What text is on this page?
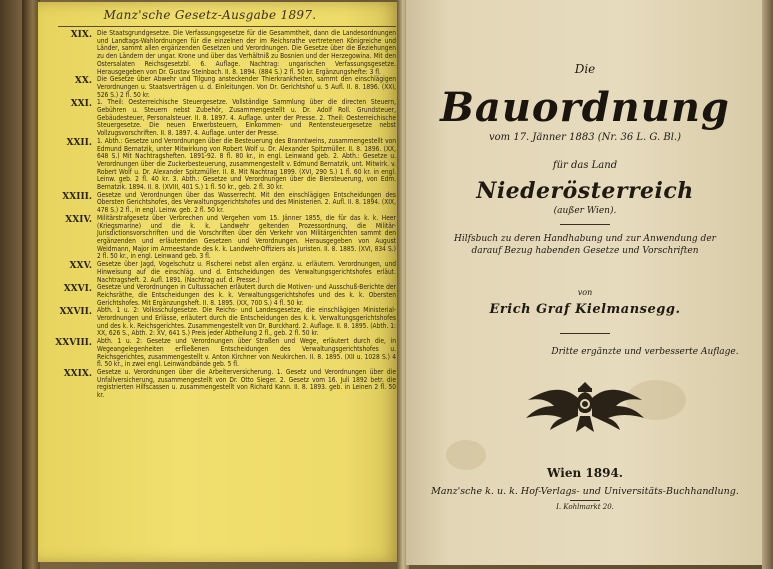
Manz'sche Gesetz-Ausgabe 1897.
XIX. Die Staatsgrundgesetze. Die Verfassungsgesetze für die Gesammtheit, dann die Landesordnungen und Landtags-Wahlordnungen für die einzelnen der im Reichsrathe vertretenen Königreiche und Länder, sammt allen ergänzenden Gesetzen und Verordnungen. Die Gesetze über die Beziehungen zu den Ländern der ungar. Krone und über das Verhältniß zu Bosnien und der Herzegowina. Mit den Ostersalaten Reichsgesetzbl. 6. Auflage. Nachtrag: ungarischen Verfassungsgesetze. Herausgegeben von Dr. Gustav Steinbach. II. 8. 1894. (884 S.) 2 fl. 50 kr. Ergänzungshefte: 3 fl.
XX. Die Gesetze über Abwehr und Tilgung ansteckender Thierkrankheiten, sammt den einschlägigen Verordnungen u. Staatsverträgen u. d. Einleitungen. Von Dr. Gerichtshof u. 5 Aufl. II. 8. 1896. (XXI, 526 S.) 2 fl. 50 kr.
XXI. 1. Theil: Oesterreichische Steuergesetze. Vollständige Sammlung über die directen Steuern, Gebühren u. Steuern nebst Zubehör, Zusammengestellt u. Dr. Adolf Roll. Grundsteuer, Gebäudesteuer, Personalsteuer. II. 8. 1897. 4. Auflage. unter der Presse. 2. Theil: Oesterreichische Steuergesetze. Die neuen Erwerbsteuern, Einkommen- und Rentensteuergesetze nebst Vollzugsvorschriften. II. 8. 1897. 4. Auflage. unter der Presse.
XXII. 1. Abth.: Gesetze und Verordnungen über die Besteuerung des Branntweins, zusammengestellt von Edmund Bernatzik, unter Mitwirkung von Robert Wolf u. Dr. Alexander Spitzmüller. II. 8. 1896. (XX, 648 S.) Mit Nachtragsheften. 1891-92. 8 fl. 80 kr., in engl. Leinwand geb. 2. Abth.: Gesetze u. Verordnungen über die Zuckerbesteuerung, zusammengestellt v. Edmund Bernatzik, unt. Mitwirk. v. Robert Wolf u. Dr. Alexander Spitzmüller. II. 8. Mit Nachtrag 1899. (XVI, 290 S.) 1 fl. 60 kr. in engl. Leinw. geb. 2 fl. 40 kr. 3. Abth.: Gesetze und Verordnungen über die Biersteuerung, von Edm. Bernatzik. 1894. II. 8. (XVIII, 401 S.) 1 fl. 50 kr., geb. 2 fl. 30 kr.
XXIII. Gesetze und Verordnungen über das Wasserrecht. Mit den einschlägigen Entscheidungen des Obersten Gerichtshofes, des Verwaltungsgerichtshofes und des Ministerien. 2. Aufl. II. 8. 1894. (XIX, 478 S.) 2 fl., in engl. Leinw. geb. 2 fl. 50 kr.
XXIV. Militärstrafgesetz über Verbrechen und Vergehen vom 15. Jänner 1855, die für das k. k. Heer (Kriegsmarine) und die k. k. Landwehr geltenden Prozessordnung, die Militär-Jurisdictionsvorschriften und die Vorschriften über den Verkehr von Militärgerichten sammt den ergänzenden und erläuternden Gesetzen und Verordnungen. Herausgegeben von August Weidmann, Major im Armeestande des k. k. Landwehr-Offiziers als Juristen. II. 8. 1885. (XVI, 834 S.) 2 fl. 50 kr., in engl. Leinwand geb. 3 fl.
XXV. Gesetze über Jagd, Vogelschutz u. Fischerei nebst allen ergänz. u. erläutern. Verordnungen, und Hinweisung auf die einschläg. und d. Entscheidungen des Verwaltungsgerichtshofes erläut. Nachtragsheft. 2. Aufl. 1891. (Nachtrag auf. d. Presse.)
XXVI. Gesetze und Verordnungen in Cultussachen erläutert durch die Motiven- und Ausschuß-Berichte der Reichsräthe, die Entscheidungen des k. k. Verwaltungsgerichtshofes und des k. k. Obersten Gerichtshofes. Mit Ergänzungsheft. II. 8. 1895. (XX, 700 S.) 4 fl. 50 kr.
XXVII. Abth. 1 u. 2: Volksschulgesetze. Die Reichs- und Landesgesetze, die einschlägigen Ministerial-Verordnungen und Erlässe, erläutert durch die Entscheidungen des k. k. Verwaltungsgerichtshofes und des k. k. Reichsgerichtes. Zusammengestellt von Dr. Burckhard. 2. Auflage. II. 8. 1895. (Abth. 1: XX, 626 S., Abth. 2: XV, 641 S.) Preis jeder Abtheilung 2 fl., geb. 2 fl. 50 kr.
XXVIII. Abth. 1 u. 2: Gesetze und Verordnungen über Straßen und Wege, erläutert durch die, in Wegeangelegenheiten erfließenen Entscheidungen des Verwaltungsgerichtshofes u. Reichsgerichtes, zusammengestellt v. Anton Kirchner von Neukirchen. II. 8. 1895. (XII u. 1028 S.) 4 fl. 50 kr., in zwei engl. Leinwandbände geb. 5 fl.
XXIX. Gesetze u. Verordnungen über die Arbeiterversicherung. 1. Gesetz und Verordnungen über die Unfallversicherung, zusammengestellt von Dr. Otto Sieger. 2. Gesetz vom 16. Juli 1892 betr. die registrierten Hilfscassen u. zusammengestellt von Richard Kann. II. 8. 1893. geb. in Leinen 2 fl. 50 kr.
Die
Bauordnung
vom 17. Jänner 1883 (Nr. 36 L. G. Bl.)
für das Land
Niederösterreich
(außer Wien).
Hilfsbuch zu deren Handhabung und zur Anwendung der darauf Bezug habenden Gesetze und Vorschriften
von
Erich Graf Kielmansegg.
Dritte ergänzte und verbesserte Auflage.
Wien 1894.
Manz'sche k. u. k. Hof-Verlags- und Universitäts-Buchhandlung.
I. Kohlmarkt 20.
